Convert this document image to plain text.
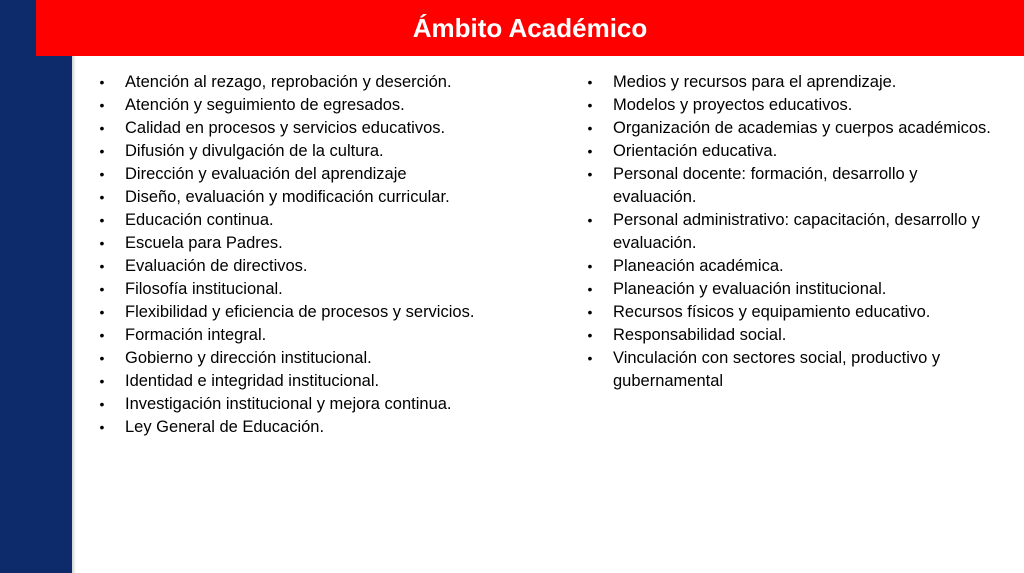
Ámbito Académico
• Atención al rezago, reprobación y deserción.
• Atención y seguimiento de egresados.
• Calidad en procesos y servicios educativos.
• Difusión y divulgación de la cultura.
• Dirección y evaluación del aprendizaje
• Diseño, evaluación y modificación curricular.
• Educación continua.
• Escuela para Padres.
• Evaluación de directivos.
• Filosofía institucional.
• Flexibilidad y eficiencia de procesos y servicios.
• Formación integral.
• Gobierno y dirección institucional.
• Identidad e integridad institucional.
• Investigación institucional y mejora continua.
• Ley General de Educación.
• Medios y recursos para el aprendizaje.
• Modelos y proyectos educativos.
• Organización de academias y cuerpos académicos.
• Orientación educativa.
• Personal docente: formación, desarrollo y evaluación.
• Personal administrativo: capacitación, desarrollo y evaluación.
• Planeación académica.
• Planeación y evaluación institucional.
• Recursos físicos y equipamiento educativo.
• Responsabilidad social.
• Vinculación con sectores social, productivo y gubernamental
